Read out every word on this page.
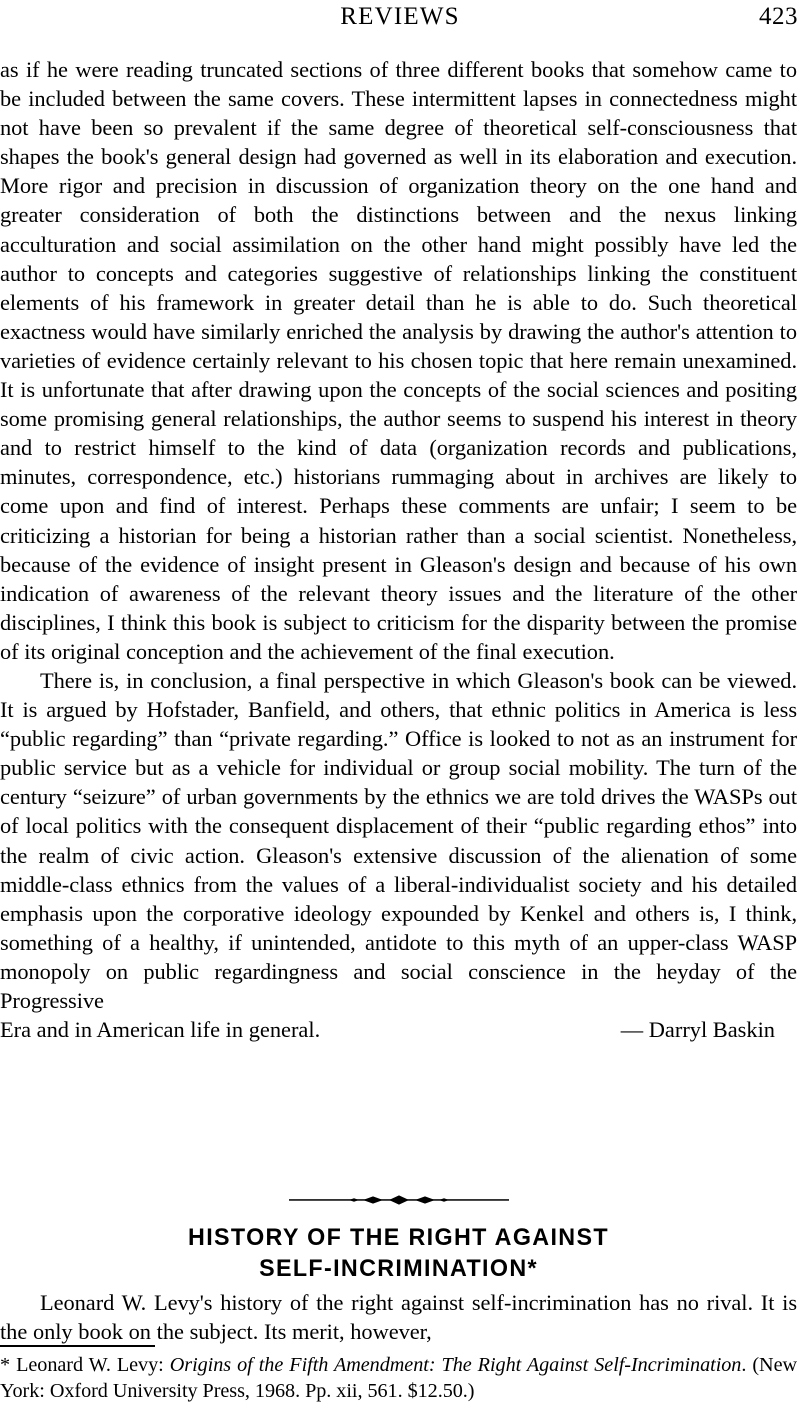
REVIEWS	423

as if he were reading truncated sections of three different books that somehow came to be included between the same covers. These intermittent lapses in connectedness might not have been so prevalent if the same degree of theoretical self-consciousness that shapes the book's general design had governed as well in its elaboration and execution. More rigor and precision in discussion of organization theory on the one hand and greater consideration of both the distinctions between and the nexus linking acculturation and social assimilation on the other hand might possibly have led the author to concepts and categories suggestive of relationships linking the constituent elements of his framework in greater detail than he is able to do. Such theoretical exactness would have similarly enriched the analysis by drawing the author's attention to varieties of evidence certainly relevant to his chosen topic that here remain unexamined. It is unfortunate that after drawing upon the concepts of the social sciences and positing some promising general relationships, the author seems to suspend his interest in theory and to restrict himself to the kind of data (organization records and publications, minutes, correspondence, etc.) historians rummaging about in archives are likely to come upon and find of interest. Perhaps these comments are unfair; I seem to be criticizing a historian for being a historian rather than a social scientist. Nonetheless, because of the evidence of insight present in Gleason's design and because of his own indication of awareness of the relevant theory issues and the literature of the other disciplines, I think this book is subject to criticism for the disparity between the promise of its original conception and the achievement of the final execution.

There is, in conclusion, a final perspective in which Gleason's book can be viewed. It is argued by Hofstader, Banfield, and others, that ethnic politics in America is less “public regarding” than “private regarding.” Office is looked to not as an instrument for public service but as a vehicle for individual or group social mobility. The turn of the century “seizure” of urban governments by the ethnics we are told drives the WASPs out of local politics with the consequent displacement of their “public regarding ethos” into the realm of civic action. Gleason's extensive discussion of the alienation of some middle-class ethnics from the values of a liberal-individualist society and his detailed emphasis upon the corporative ideology expounded by Kenkel and others is, I think, something of a healthy, if unintended, antidote to this myth of an upper-class WASP monopoly on public regardingness and social conscience in the heyday of the Progressive

Era and in American life in general.	— Darryl Baskin
HISTORY OF THE RIGHT AGAINST
SELF-INCRIMINATION*

Leonard W. Levy's history of the right against self-incrimination has no rival. It is the only book on the subject. Its merit, however,

* Leonard W. Levy: Origins of the Fifth Amendment: The Right Against Self-Incrimination. (New York: Oxford University Press, 1968. Pp. xii, 561. $12.50.)
